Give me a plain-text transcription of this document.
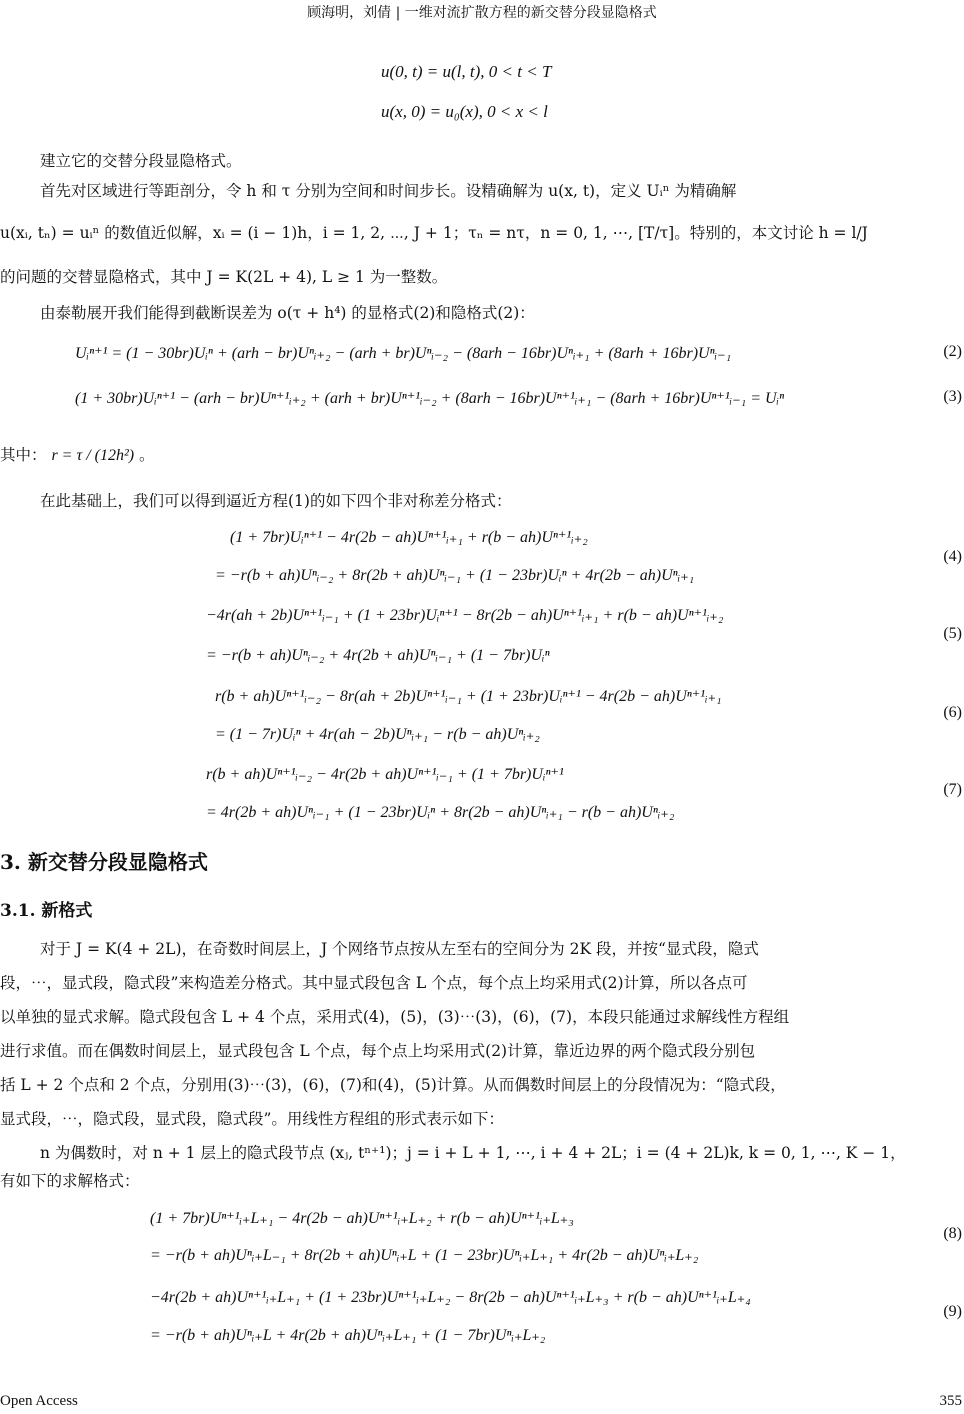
顾海明，刘倩 | 一维对流扩散方程的新交替分段显隐格式
u(0, t) = u(l, t), 0 < t < T
u(x, 0) = u₀(x), 0 < x < l
建立它的交替分段显隐格式。
首先对区域进行等距剖分，令 h 和 τ 分别为空间和时间步长。设精确解为 u(x, t)，定义 Uᵢⁿ 为精确解
u(xᵢ, tₙ) = uᵢⁿ 的数值近似解，xᵢ = (i − 1)h，i = 1, 2, ⋯, J + 1；τₙ = nτ，n = 0, 1, ⋯, [T/τ]。特别的，本文讨论 h = l/J
的问题的交替显隐格式，其中 J = K(2L + 4), L ≥ 1 为一整数。
由泰勒展开我们能得到截断误差为 o(τ + h⁴) 的显格式(2)和隐格式(2)：
Uᵢⁿ⁺¹ = (1 − 30br)Uᵢⁿ + (arh − br)Uⁿᵢ₊₂ − (arh + br)Uⁿᵢ₋₂ − (8arh − 16br)Uⁿᵢ₊₁ + (8arh + 16br)Uⁿᵢ₋₁	(2)
(1 + 30br)Uᵢⁿ⁺¹ − (arh − br)Uⁿ⁺¹ᵢ₊₂ + (arh + br)Uⁿ⁺¹ᵢ₋₂ + (8arh − 16br)Uⁿ⁺¹ᵢ₊₁ − (8arh + 16br)Uⁿ⁺¹ᵢ₋₁ = Uᵢⁿ	(3)
其中： r = τ / (12h²) 。
在此基础上，我们可以得到逼近方程(1)的如下四个非对称差分格式：
(1 + 7br)Uᵢⁿ⁺¹ − 4r(2b − ah)Uⁿ⁺¹ᵢ₊₁ + r(b − ah)Uⁿ⁺¹ᵢ₊₂
= −r(b + ah)Uⁿᵢ₋₂ + 8r(2b + ah)Uⁿᵢ₋₁ + (1 − 23br)Uᵢⁿ + 4r(2b − ah)Uⁿᵢ₊₁
(4)
−4r(ah + 2b)Uⁿ⁺¹ᵢ₋₁ + (1 + 23br)Uᵢⁿ⁺¹ − 8r(2b − ah)Uⁿ⁺¹ᵢ₊₁ + r(b − ah)Uⁿ⁺¹ᵢ₊₂
= −r(b + ah)Uⁿᵢ₋₂ + 4r(2b + ah)Uⁿᵢ₋₁ + (1 − 7br)Uᵢⁿ
(5)
r(b + ah)Uⁿ⁺¹ᵢ₋₂ − 8r(ah + 2b)Uⁿ⁺¹ᵢ₋₁ + (1 + 23br)Uᵢⁿ⁺¹ − 4r(2b − ah)Uⁿ⁺¹ᵢ₊₁
= (1 − 7r)Uᵢⁿ + 4r(ah − 2b)Uⁿᵢ₊₁ − r(b − ah)Uⁿᵢ₊₂
(6)
r(b + ah)Uⁿ⁺¹ᵢ₋₂ − 4r(2b + ah)Uⁿ⁺¹ᵢ₋₁ + (1 + 7br)Uᵢⁿ⁺¹
= 4r(2b + ah)Uⁿᵢ₋₁ + (1 − 23br)Uᵢⁿ + 8r(2b − ah)Uⁿᵢ₊₁ − r(b − ah)Uⁿᵢ₊₂
(7)
3. 新交替分段显隐格式
3.1. 新格式
对于 J = K(4 + 2L)，在奇数时间层上，J 个网络节点按从左至右的空间分为 2K 段，并按“显式段，隐式
段，⋯，显式段，隐式段”来构造差分格式。其中显式段包含 L 个点，每个点上均采用式(2)计算，所以各点可
以单独的显式求解。隐式段包含 L + 4 个点，采用式(4)，(5)，(3)⋯(3)，(6)，(7)，本段只能通过求解线性方程组
进行求值。而在偶数时间层上，显式段包含 L 个点，每个点上均采用式(2)计算，靠近边界的两个隐式段分别包
括 L + 2 个点和 2 个点，分别用(3)⋯(3)，(6)，(7)和(4)，(5)计算。从而偶数时间层上的分段情况为：“隐式段，
显式段，⋯，隐式段，显式段，隐式段”。用线性方程组的形式表示如下：
n 为偶数时，对 n + 1 层上的隐式段节点 (xⱼ, tⁿ⁺¹)；j = i + L + 1, ⋯, i + 4 + 2L；i = (4 + 2L)k, k = 0, 1, ⋯, K − 1，
有如下的求解格式：
(1 + 7br)Uⁿ⁺¹ᵢ₊L₊₁ − 4r(2b − ah)Uⁿ⁺¹ᵢ₊L₊₂ + r(b − ah)Uⁿ⁺¹ᵢ₊L₊₃
= −r(b + ah)Uⁿᵢ₊L₋₁ + 8r(2b + ah)Uⁿᵢ₊L + (1 − 23br)Uⁿᵢ₊L₊₁ + 4r(2b − ah)Uⁿᵢ₊L₊₂
(8)
−4r(2b + ah)Uⁿ⁺¹ᵢ₊L₊₁ + (1 + 23br)Uⁿ⁺¹ᵢ₊L₊₂ − 8r(2b − ah)Uⁿ⁺¹ᵢ₊L₊₃ + r(b − ah)Uⁿ⁺¹ᵢ₊L₊₄
= −r(b + ah)Uⁿᵢ₊L + 4r(2b + ah)Uⁿᵢ₊L₊₁ + (1 − 7br)Uⁿᵢ₊L₊₂
(9)
Open Access	355
